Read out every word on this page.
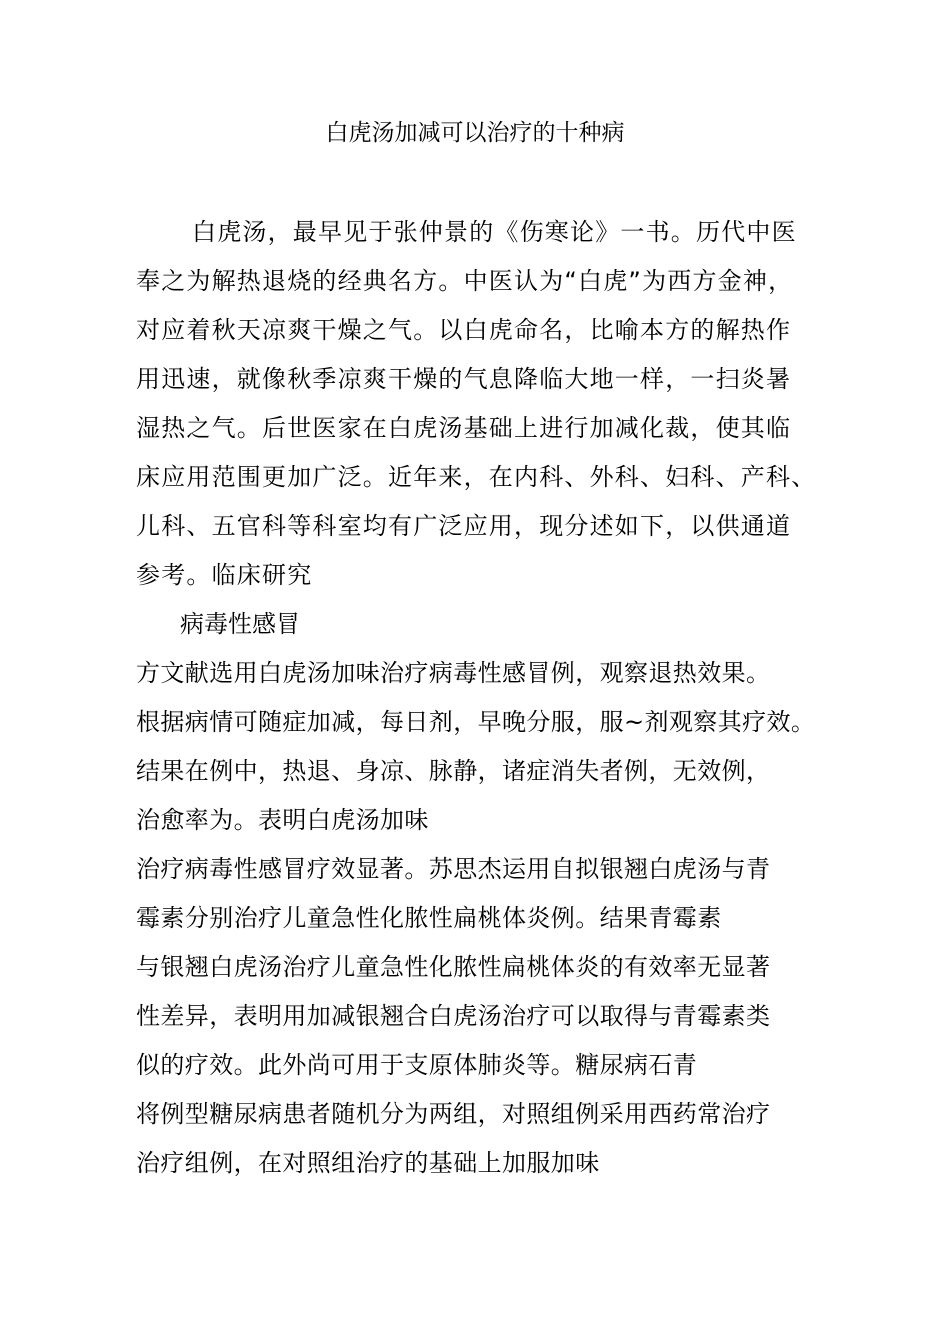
白虎汤加减可以治疗的十种病
白虎汤，最早见于张仲景的《伤寒论》一书。历代中医
奉之为解热退烧的经典名方。中医认为“白虎”为西方金神，
对应着秋天凉爽干燥之气。以白虎命名，比喻本方的解热作
用迅速，就像秋季凉爽干燥的气息降临大地一样，一扫炎暑
湿热之气。后世医家在白虎汤基础上进行加减化裁，使其临
床应用范围更加广泛。近年来，在内科、外科、妇科、产科、
儿科、五官科等科室均有广泛应用，现分述如下，以供通道
参考。临床研究
病毒性感冒
方文献选用白虎汤加味治疗病毒性感冒例，观察退热效果。
根据病情可随症加减，每日剂，早晚分服，服~剂观察其疗效。
结果在例中，热退、身凉、脉静，诸症消失者例，无效例，
治愈率为。表明白虎汤加味
治疗病毒性感冒疗效显著。苏思杰运用自拟银翘白虎汤与青
霉素分别治疗儿童急性化脓性扁桃体炎例。结果青霉素
与银翘白虎汤治疗儿童急性化脓性扁桃体炎的有效率无显著
性差异，表明用加减银翘合白虎汤治疗可以取得与青霉素类
似的疗效。此外尚可用于支原体肺炎等。糖尿病石青
将例型糖尿病患者随机分为两组，对照组例采用西药常治疗
治疗组例，在对照组治疗的基础上加服加味
